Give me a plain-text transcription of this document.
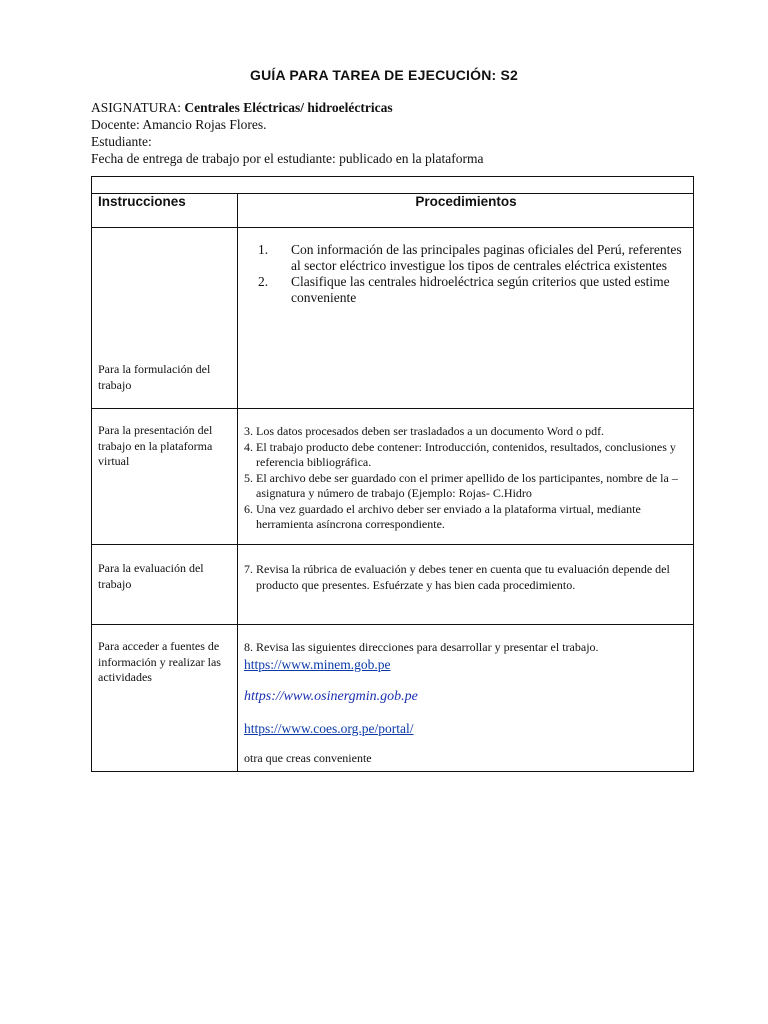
GUÍA PARA TAREA DE EJECUCIÓN: S2
ASIGNATURA: Centrales Eléctricas/ hidroeléctricas
Docente: Amancio Rojas Flores.
Estudiante:
Fecha de entrega de trabajo por el estudiante: publicado en la plataforma
Instrucciones	Procedimientos
Para la formulación del trabajo
1. Con información de las principales paginas oficiales del Perú, referentes al sector eléctrico investigue los tipos de centrales eléctrica existentes
2. Clasifique las centrales hidroeléctrica según criterios que usted estime conveniente
Para la presentación del trabajo en la plataforma virtual
3. Los datos procesados deben ser trasladados a un documento Word o pdf.
4. El trabajo producto debe contener: Introducción, contenidos, resultados, conclusiones y referencia bibliográfica.
5. El archivo debe ser guardado con el primer apellido de los participantes, nombre de la – asignatura y número de trabajo (Ejemplo: Rojas- C.Hidro
6. Una vez guardado el archivo deber ser enviado a la plataforma virtual, mediante herramienta asíncrona correspondiente.
Para la evaluación del trabajo
7. Revisa la rúbrica de evaluación y debes tener en cuenta que tu evaluación depende del producto que presentes. Esfuérzate y has bien cada procedimiento.
Para acceder a fuentes de información y realizar las actividades
8. Revisa las siguientes direcciones para desarrollar y presentar el trabajo.
https://www.minem.gob.pe
https://www.osinergmin.gob.pe
https://www.coes.org.pe/portal/
otra que creas conveniente
